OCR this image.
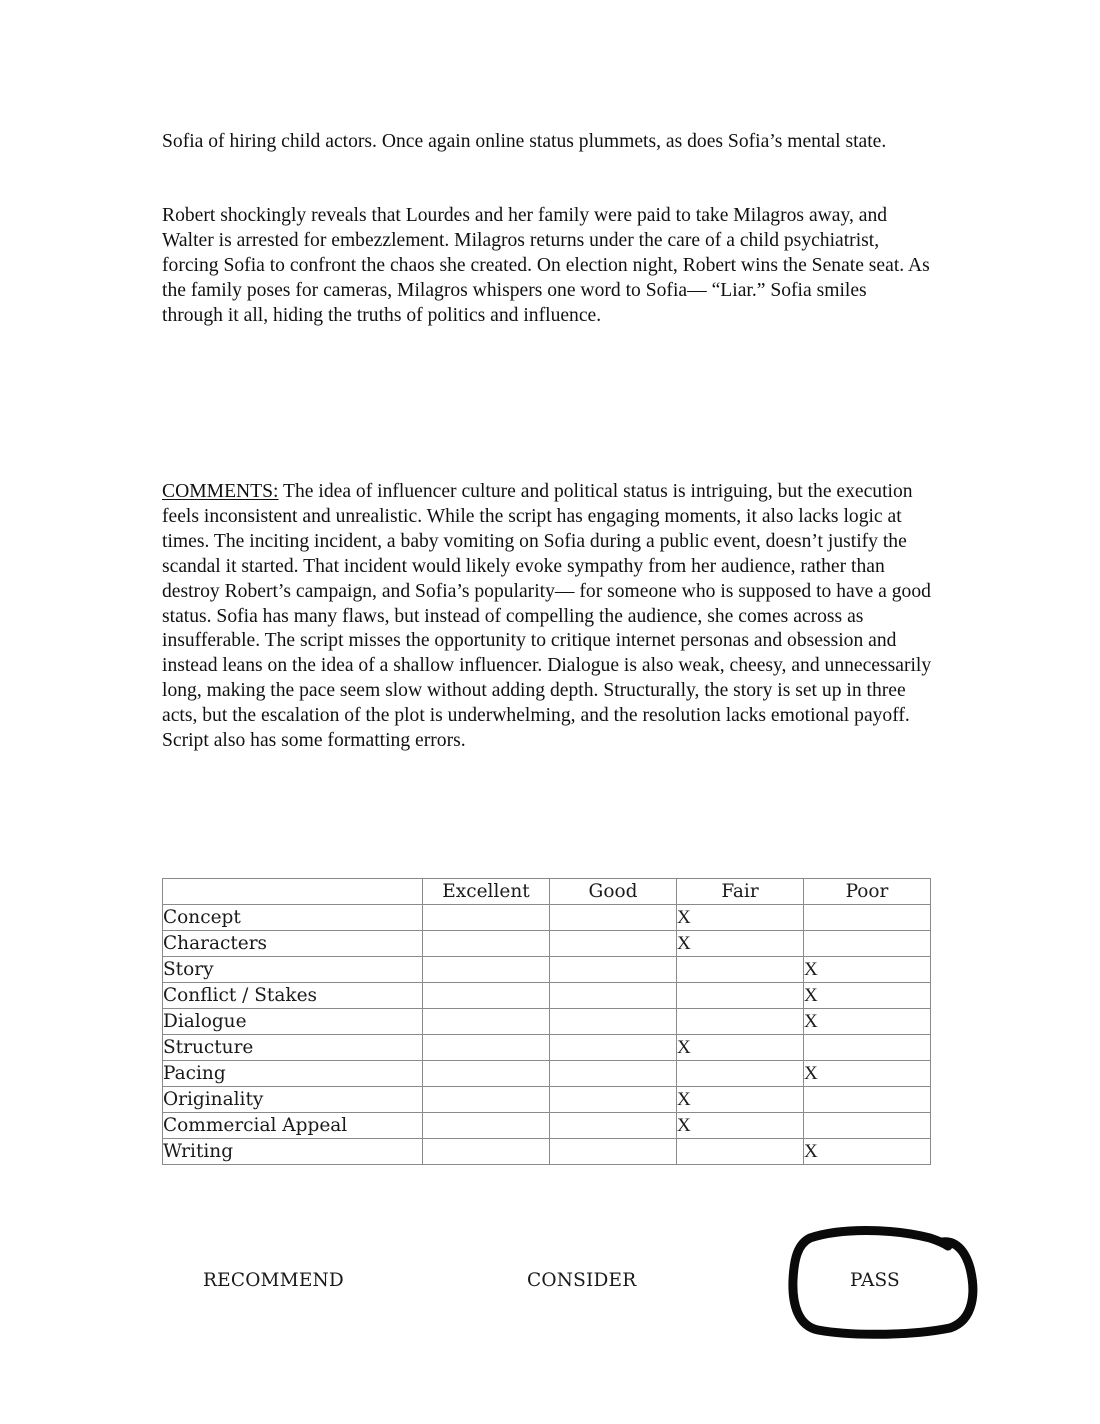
Sofia of hiring child actors. Once again online status plummets, as does Sofia’s mental state.

Robert shockingly reveals that Lourdes and her family were paid to take Milagros away, and Walter is arrested for embezzlement. Milagros returns under the care of a child psychiatrist, forcing Sofia to confront the chaos she created. On election night, Robert wins the Senate seat. As the family poses for cameras, Milagros whispers one word to Sofia— “Liar.” Sofia smiles through it all, hiding the truths of politics and influence.

COMMENTS: The idea of influencer culture and political status is intriguing, but the execution feels inconsistent and unrealistic. While the script has engaging moments, it also lacks logic at times. The inciting incident, a baby vomiting on Sofia during a public event, doesn’t justify the scandal it started. That incident would likely evoke sympathy from her audience, rather than destroy Robert’s campaign, and Sofia’s popularity— for someone who is supposed to have a good status. Sofia has many flaws, but instead of compelling the audience, she comes across as insufferable. The script misses the opportunity to critique internet personas and obsession and instead leans on the idea of a shallow influencer. Dialogue is also weak, cheesy, and unnecessarily long, making the pace seem slow without adding depth. Structurally, the story is set up in three acts, but the escalation of the plot is underwhelming, and the resolution lacks emotional payoff. Script also has some formatting errors.

	Excellent	Good	Fair	Poor
Concept			X	
Characters			X	
Story				X
Conflict / Stakes				X
Dialogue				X
Structure			X	
Pacing				X
Originality			X	
Commercial Appeal			X	
Writing				X
RECOMMEND	CONSIDER	PASS
